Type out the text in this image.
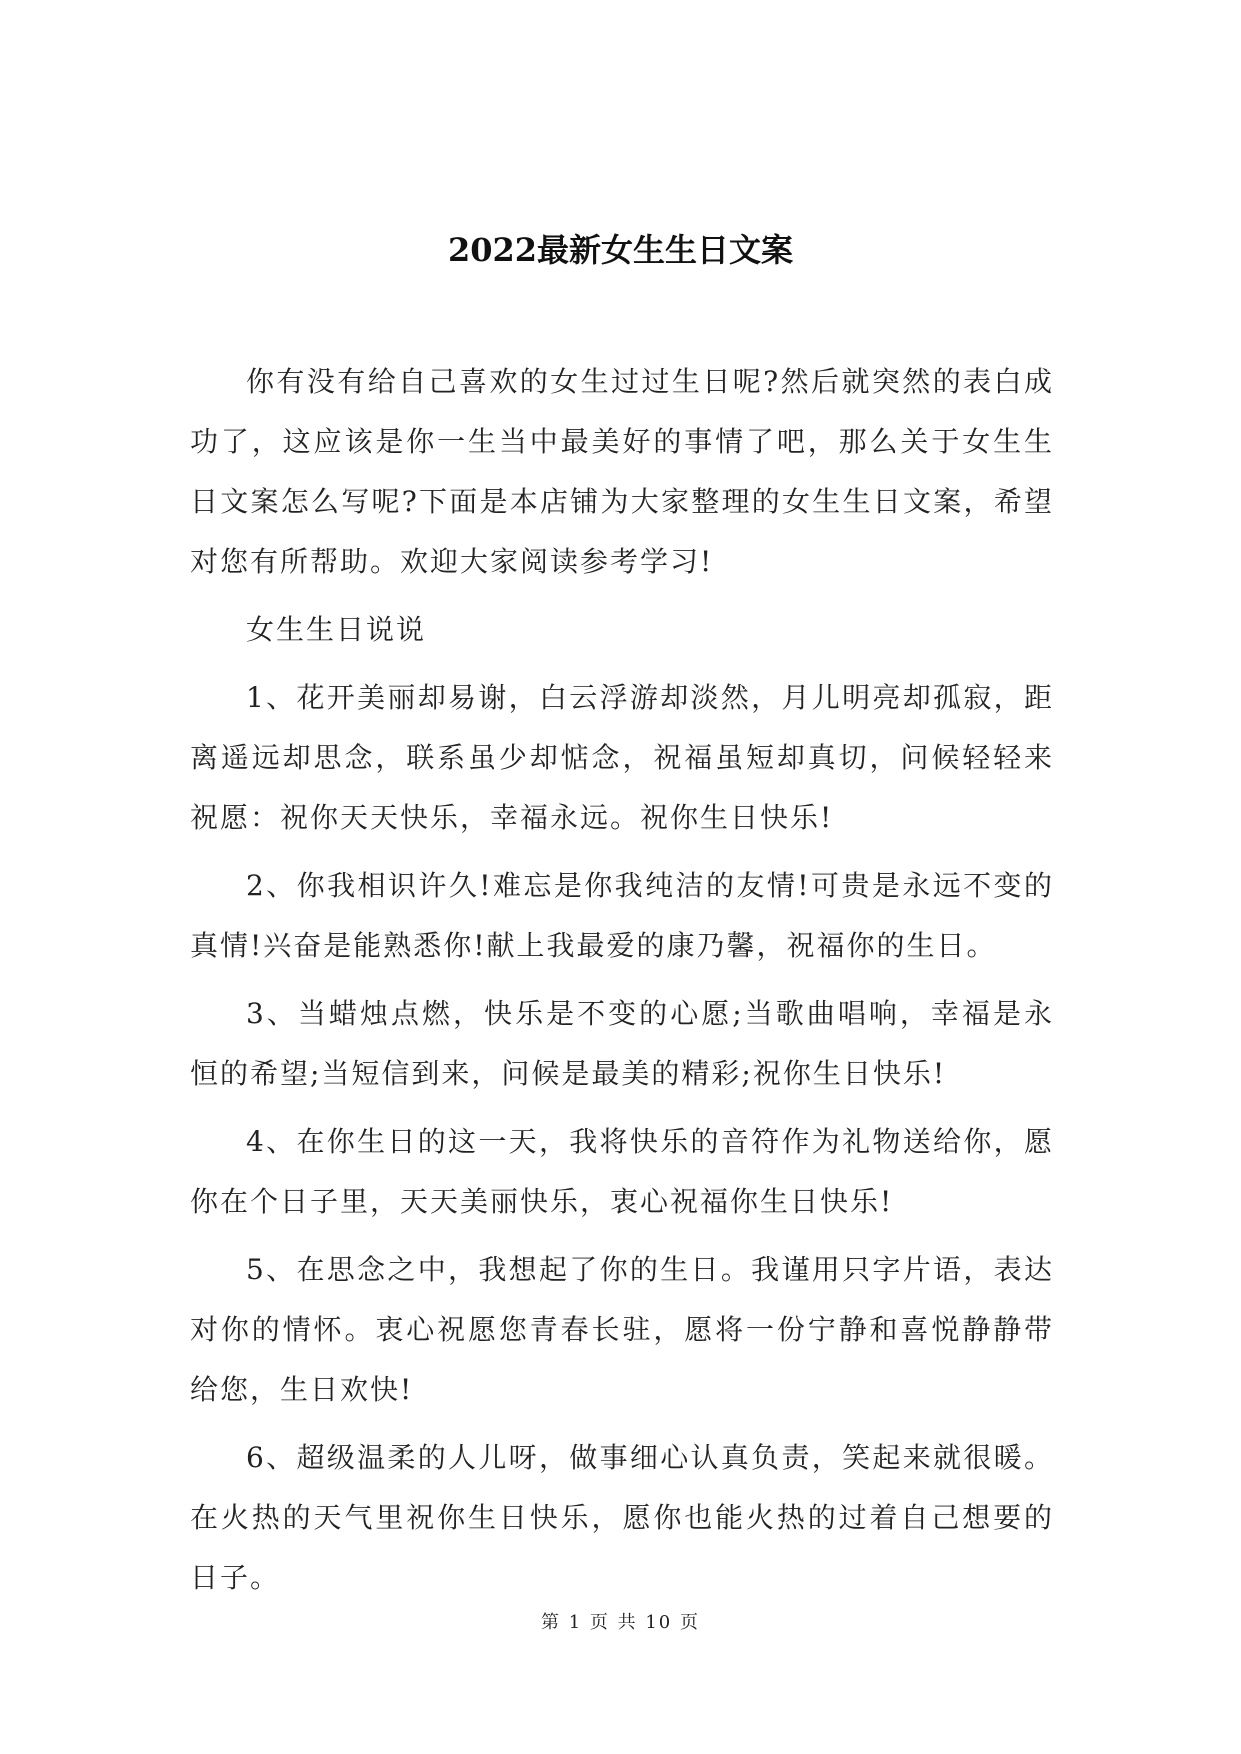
2022最新女生生日文案

你有没有给自己喜欢的女生过过生日呢?然后就突然的表白成功了，这应该是你一生当中最美好的事情了吧，那么关于女生生日文案怎么写呢?下面是本店铺为大家整理的女生生日文案，希望对您有所帮助。欢迎大家阅读参考学习!

女生生日说说

1、花开美丽却易谢，白云浮游却淡然，月儿明亮却孤寂，距离遥远却思念，联系虽少却惦念，祝福虽短却真切，问候轻轻来祝愿：祝你天天快乐，幸福永远。祝你生日快乐!

2、你我相识许久!难忘是你我纯洁的友情!可贵是永远不变的真情!兴奋是能熟悉你!献上我最爱的康乃馨，祝福你的生日。

3、当蜡烛点燃，快乐是不变的心愿;当歌曲唱响，幸福是永恒的希望;当短信到来，问候是最美的精彩;祝你生日快乐!

4、在你生日的这一天，我将快乐的音符作为礼物送给你，愿你在个日子里，天天美丽快乐，衷心祝福你生日快乐!

5、在思念之中，我想起了你的生日。我谨用只字片语，表达对你的情怀。衷心祝愿您青春长驻，愿将一份宁静和喜悦静静带给您，生日欢快!

6、超级温柔的人儿呀，做事细心认真负责，笑起来就很暖。在火热的天气里祝你生日快乐，愿你也能火热的过着自己想要的日子。

第 1 页 共 10 页
